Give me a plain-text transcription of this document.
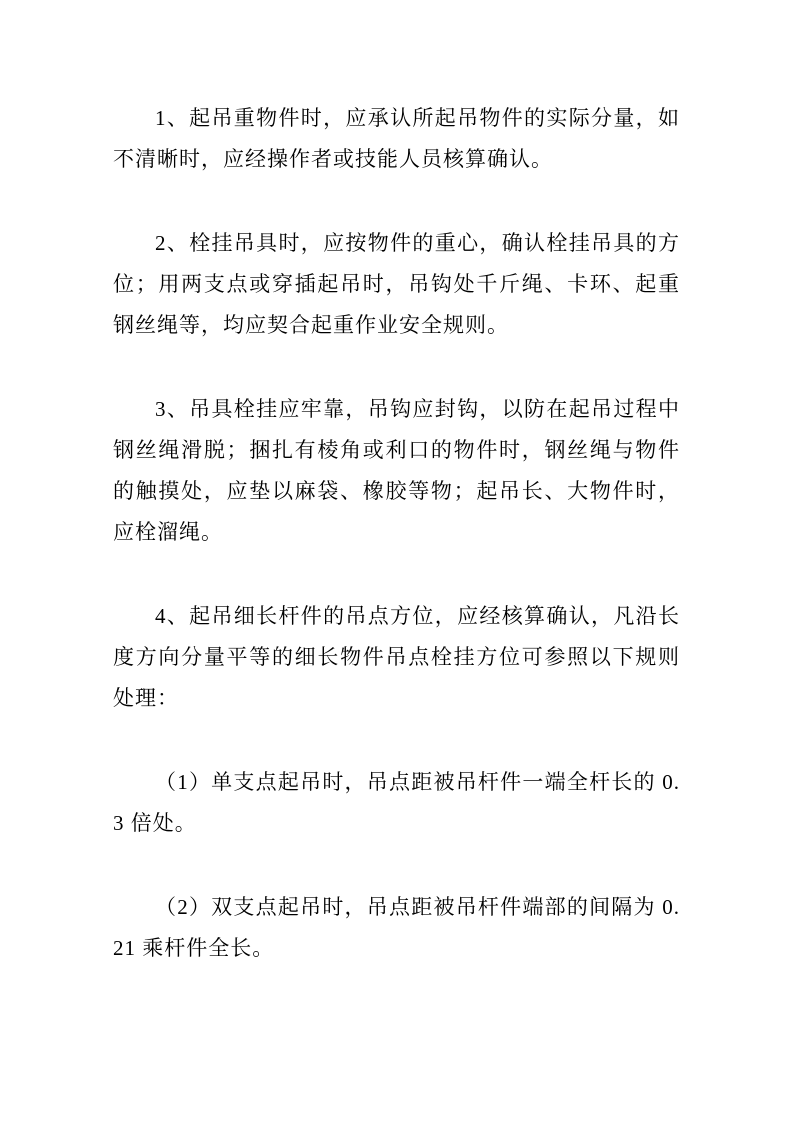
1、起吊重物件时，应承认所起吊物件的实际分量，如不清晰时，应经操作者或技能人员核算确认。

2、栓挂吊具时，应按物件的重心，确认栓挂吊具的方位；用两支点或穿插起吊时，吊钩处千斤绳、卡环、起重钢丝绳等，均应契合起重作业安全规则。

3、吊具栓挂应牢靠，吊钩应封钩，以防在起吊过程中钢丝绳滑脱；捆扎有棱角或利口的物件时，钢丝绳与物件的触摸处，应垫以麻袋、橡胶等物；起吊长、大物件时，应栓溜绳。

4、起吊细长杆件的吊点方位，应经核算确认，凡沿长度方向分量平等的细长物件吊点栓挂方位可参照以下规则处理：

（1）单支点起吊时，吊点距被吊杆件一端全杆长的 0.3 倍处。

（2）双支点起吊时，吊点距被吊杆件端部的间隔为 0.21 乘杆件全长。
